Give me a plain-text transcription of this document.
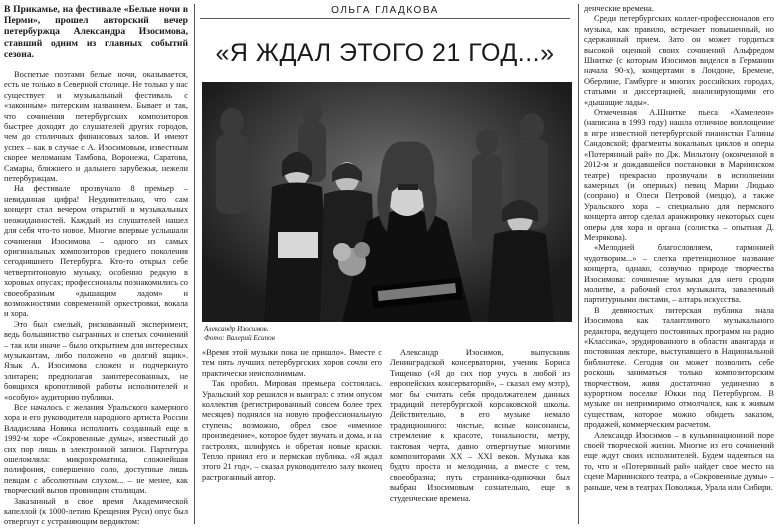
В Прикамье, на фестивале «Белые ночи в Перми», прошел авторский вечер петербуржца Александра Изосимова, ставший одним из главных событий сезона.

Воспетые поэтами белые ночи, оказывается, есть не только в Северной столице. Не только у нас существует и музыкальный фестиваль с «законным» питерским названием. Бывает и так, что сочинения петербургских композиторов быстрее доходят до слушателей других городов, чем до столичных финансовых залов. И имеют успех – как в случае с А. Изосимовым, известным скорее меломанам Тамбова, Воронежа, Саратова, Самары, ближнего и дальнего зарубежья, нежели петербуржцам.

На фестивале прозвучало 8 премьер – невиданная цифра! Неудивительно, что сам концерт стал вечером открытий и музыкальных неожиданностей. Каждый из слушателей нашел для себя что-то новое. Многие впервые услышали сочинения Изосимова – одного из самых оригинальных композиторов среднего поколения сегодняшнего Петербурга. Кто-то открыл себе четвертитоновую музыку, особенно редкую в хоровых опусах; профессионалы познакомились со своеобразным «дышащим ладом» и возможностями современной оркестровки, вокала и хора.

Это был смелый, рискованный эксперимент, ведь большинство сыгранных и спетых сочинений – так или иначе – было открытием для интересных музыкантам, либо положено «в долгий ящик». Язык А. Изосимова сложен и подчеркнуто элитарен; предполагая заинтересованных, не боящихся кропотливой работы исполнителей и «особую» аудиторию публики.

Все началось с желания Уральского камерного хора и его руководителя народного артиста России Владислава Новика исполнить созданный еще в 1992-м хоре «Сокровенные думы», известный до сих пор лишь в электронной записи. Партитура ошеломляла: микрохроматика, сложнейшая полифония, совершенно соло, доступные лишь певцам с абсолютным слухом... – не менее, как творческий вызов провинции столицам.

Заказанный в свое время Академической капеллой (к 1000-летию Крещения Руси) опус был отвергнут с устраняющим вердиктом:

ОЛЬГА ГЛАДКОВА
«Я ЖДАЛ ЭТОГО 21 ГОД...»
Александр Изосимов.
Фото: Валерий Есипов

«Время этой музыки пока не пришло». Вместе с тем пять лучших петербургских хоров сочли его практически неисполнимым.

Так пробил. Мировая премьера состоялась. Уральский хор решился и выиграл: с этим опусом коллектив (регистрированный совсем более трех месяцев) поднялся на новую профессиональную ступень; возможно, обрел свое «именное произведение», которое будет звучать и дома, и на гастролях, шлифуясь и обретая новые краски. Тепло принял его и пермская публика. «Я ждал этого 21 год», – сказал руководителю залу вконец растроганный автор.

Александр Изосимов, выпускник Ленинградской консерватории, ученик Бориса Тищенко («Я до сих пор учусь в любой из европейских консерваторий», – сказал ему мэтр), мог бы считать себя продолжателем данных традиций петербургской корсаковской школы. Действительно, в его музыке немало традиционного: чистые, ясные консонансы, стремление к красоте, тональности, метру, тактовая черта, давно отвергнутые многими композиторами XX – XXI веков. Музыка как будто проста и мелодична, а вместе с тем, своеобразна; путь странника-одиночки был выбран Изосимовым сознательно, еще в студенческие времена.

денческие времена.

Среди петербургских коллег-профессионалов его музыка, как правило, встречает повышенный, но сдержанный прием. Зато он может гордиться высокой оценкой своих сочинений Альфредом Шнитке (с которым Изосимов виделся в Германии начала 90-х), концертами в Лондоне, Бремене, Оберлине, Гамбурге и многих российских городах, статьями и диссертацией, анализирующими его «дышащие лады».

Отмеченная А.Шнитке пьеса «Хамелеон» (написана в 1993 году) нашла отличное воплощение в игре известной петербургской пианистки Галины Сандовской; фрагменты вокальных циклов и оперы «Потерянный рай» по Дж. Мильтону (оконченной в 2012-м и дождавшейся постановки в Мариинском театре) прекрасно прозвучали в исполнении камерных (и оперных) певиц Марии Людько (сопрано) и Олеси Петровой (меццо), а также Уральского хора – специально для пермского концерта автор сделал аранжировку некоторых сцен оперы для хора и органа (солистка – опытная Д. Мезрякова).

«Мелодией благословляем, гармонией чудотворим...» – слегка претенциозное название концерта, однако, созвучно природе творчества Изосимова: сочинение музыки для него сродни молитве, а рабочий стол музыканта, заваленный партитурными листами, – алтарь искусства.

В девяностых питерская публика знала Изосимова как талантливого музыкального редактора, ведущего постоянных программ на радио «Классика», эрудированного в области авангарда и постоянная лекторе, выступавшего в Национальной библиотеке. Сегодня он может позволить себе роскошь заниматься только композиторским творчеством, живя достаточно уединенно в курортном поселке Юкки под Петербургом. В музыке он непримиримо отмолчался, как к живым существам, которое можно обидеть заказом, продажей, коммерческим расчетом.

Александр Изосимов – в кульминационной поре своей творческой жизни. Многие из его сочинений еще ждут своих исполнителей. Будем надеяться на то, что и «Потерянный рай» найдет свое место на сцене Мариинского театра, а «Сокровенные думы» – раньше, чем в театрах Поволжья, Урала или Сибири.
